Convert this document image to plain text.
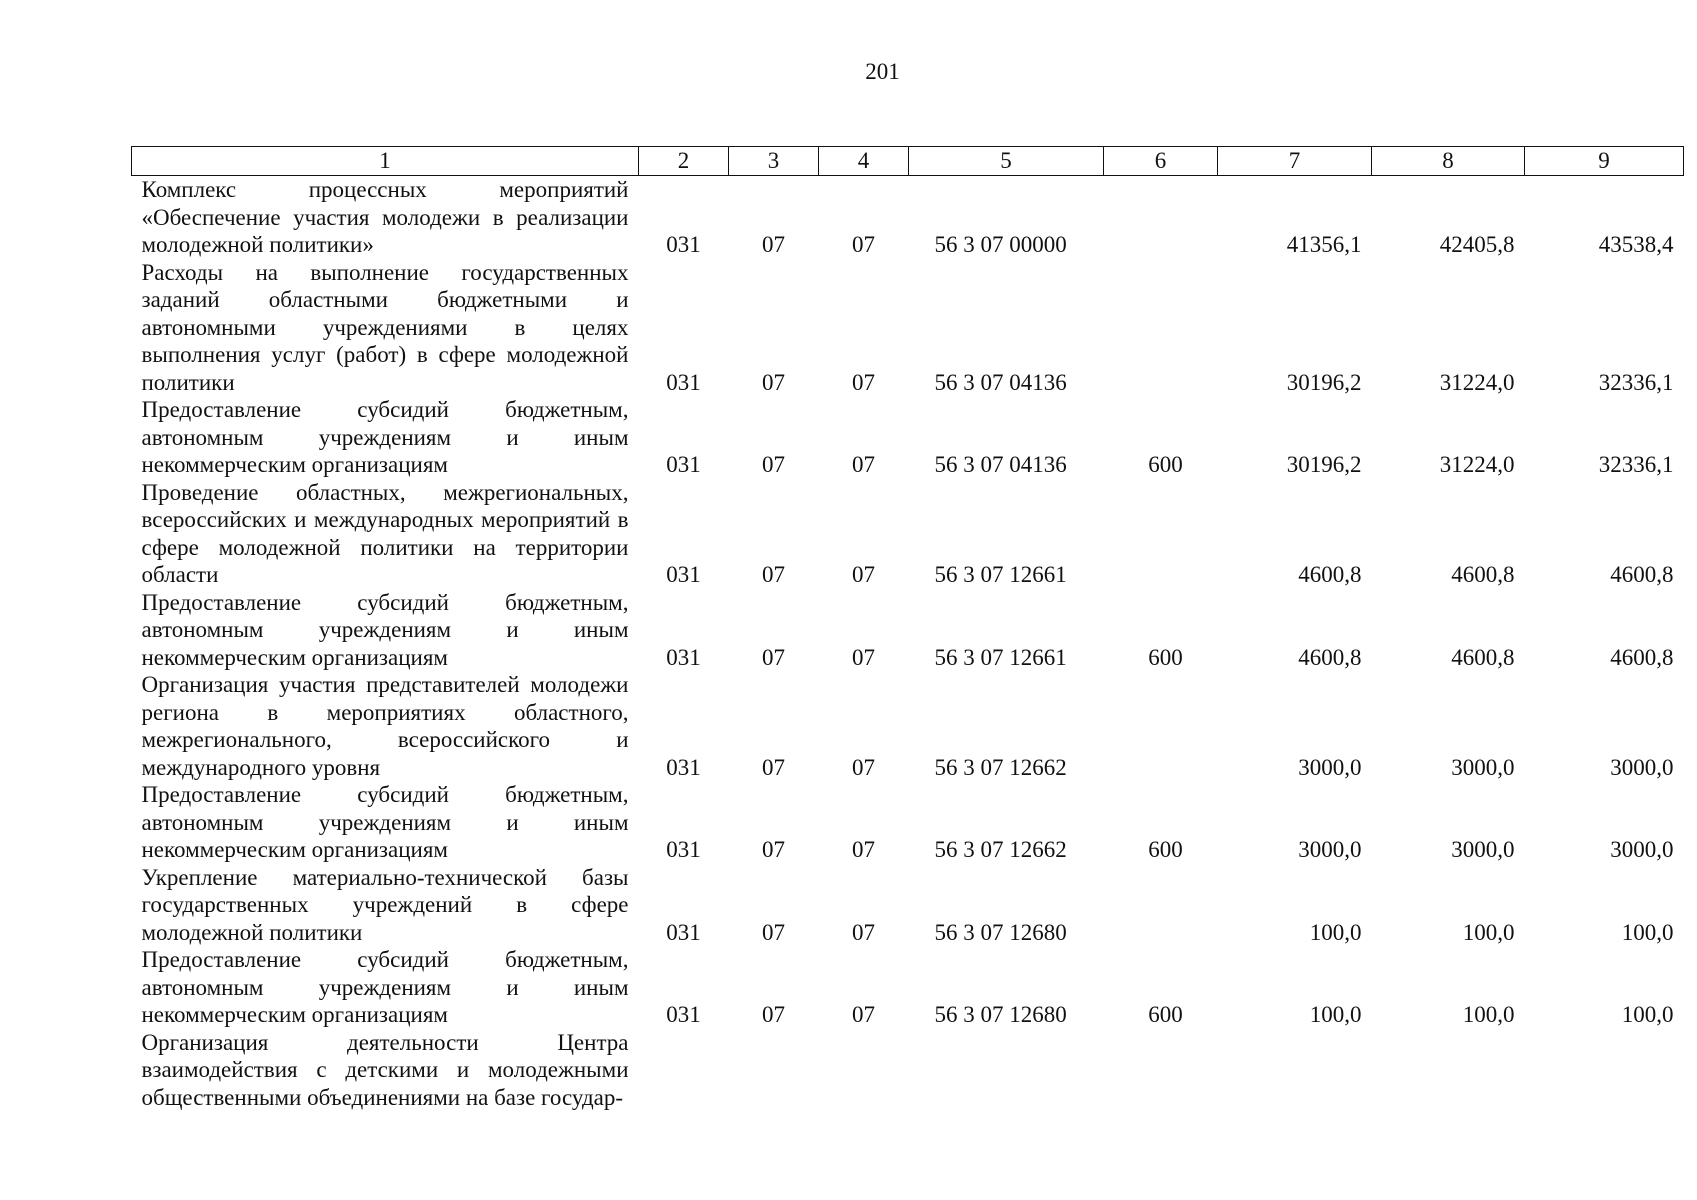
201
1	2	3	4	5	6	7	8	9
Комплекс процессных мероприятий «Обеспечение участия молодежи в реализации молодежной политики»	031	07	07	56 3 07 00000		41356,1	42405,8	43538,4
Расходы на выполнение государственных заданий областными бюджетными и автономными учреждениями в целях выполнения услуг (работ) в сфере молодежной политики	031	07	07	56 3 07 04136		30196,2	31224,0	32336,1
Предоставление субсидий бюджетным, автономным учреждениям и иным некоммерческим организациям	031	07	07	56 3 07 04136	600	30196,2	31224,0	32336,1
Проведение областных, межрегиональных, всероссийских и международных мероприятий в сфере молодежной политики на территории области	031	07	07	56 3 07 12661		4600,8	4600,8	4600,8
Предоставление субсидий бюджетным, автономным учреждениям и иным некоммерческим организациям	031	07	07	56 3 07 12661	600	4600,8	4600,8	4600,8
Организация участия представителей молодежи региона в мероприятиях областного, межрегионального, всероссийского и международного уровня	031	07	07	56 3 07 12662		3000,0	3000,0	3000,0
Предоставление субсидий бюджетным, автономным учреждениям и иным некоммерческим организациям	031	07	07	56 3 07 12662	600	3000,0	3000,0	3000,0
Укрепление материально-технической базы государственных учреждений в сфере молодежной политики	031	07	07	56 3 07 12680		100,0	100,0	100,0
Предоставление субсидий бюджетным, автономным учреждениям и иным некоммерческим организациям	031	07	07	56 3 07 12680	600	100,0	100,0	100,0
Организация деятельности Центра взаимодействия с детскими и молодежными общественными объединениями на базе государ-								
